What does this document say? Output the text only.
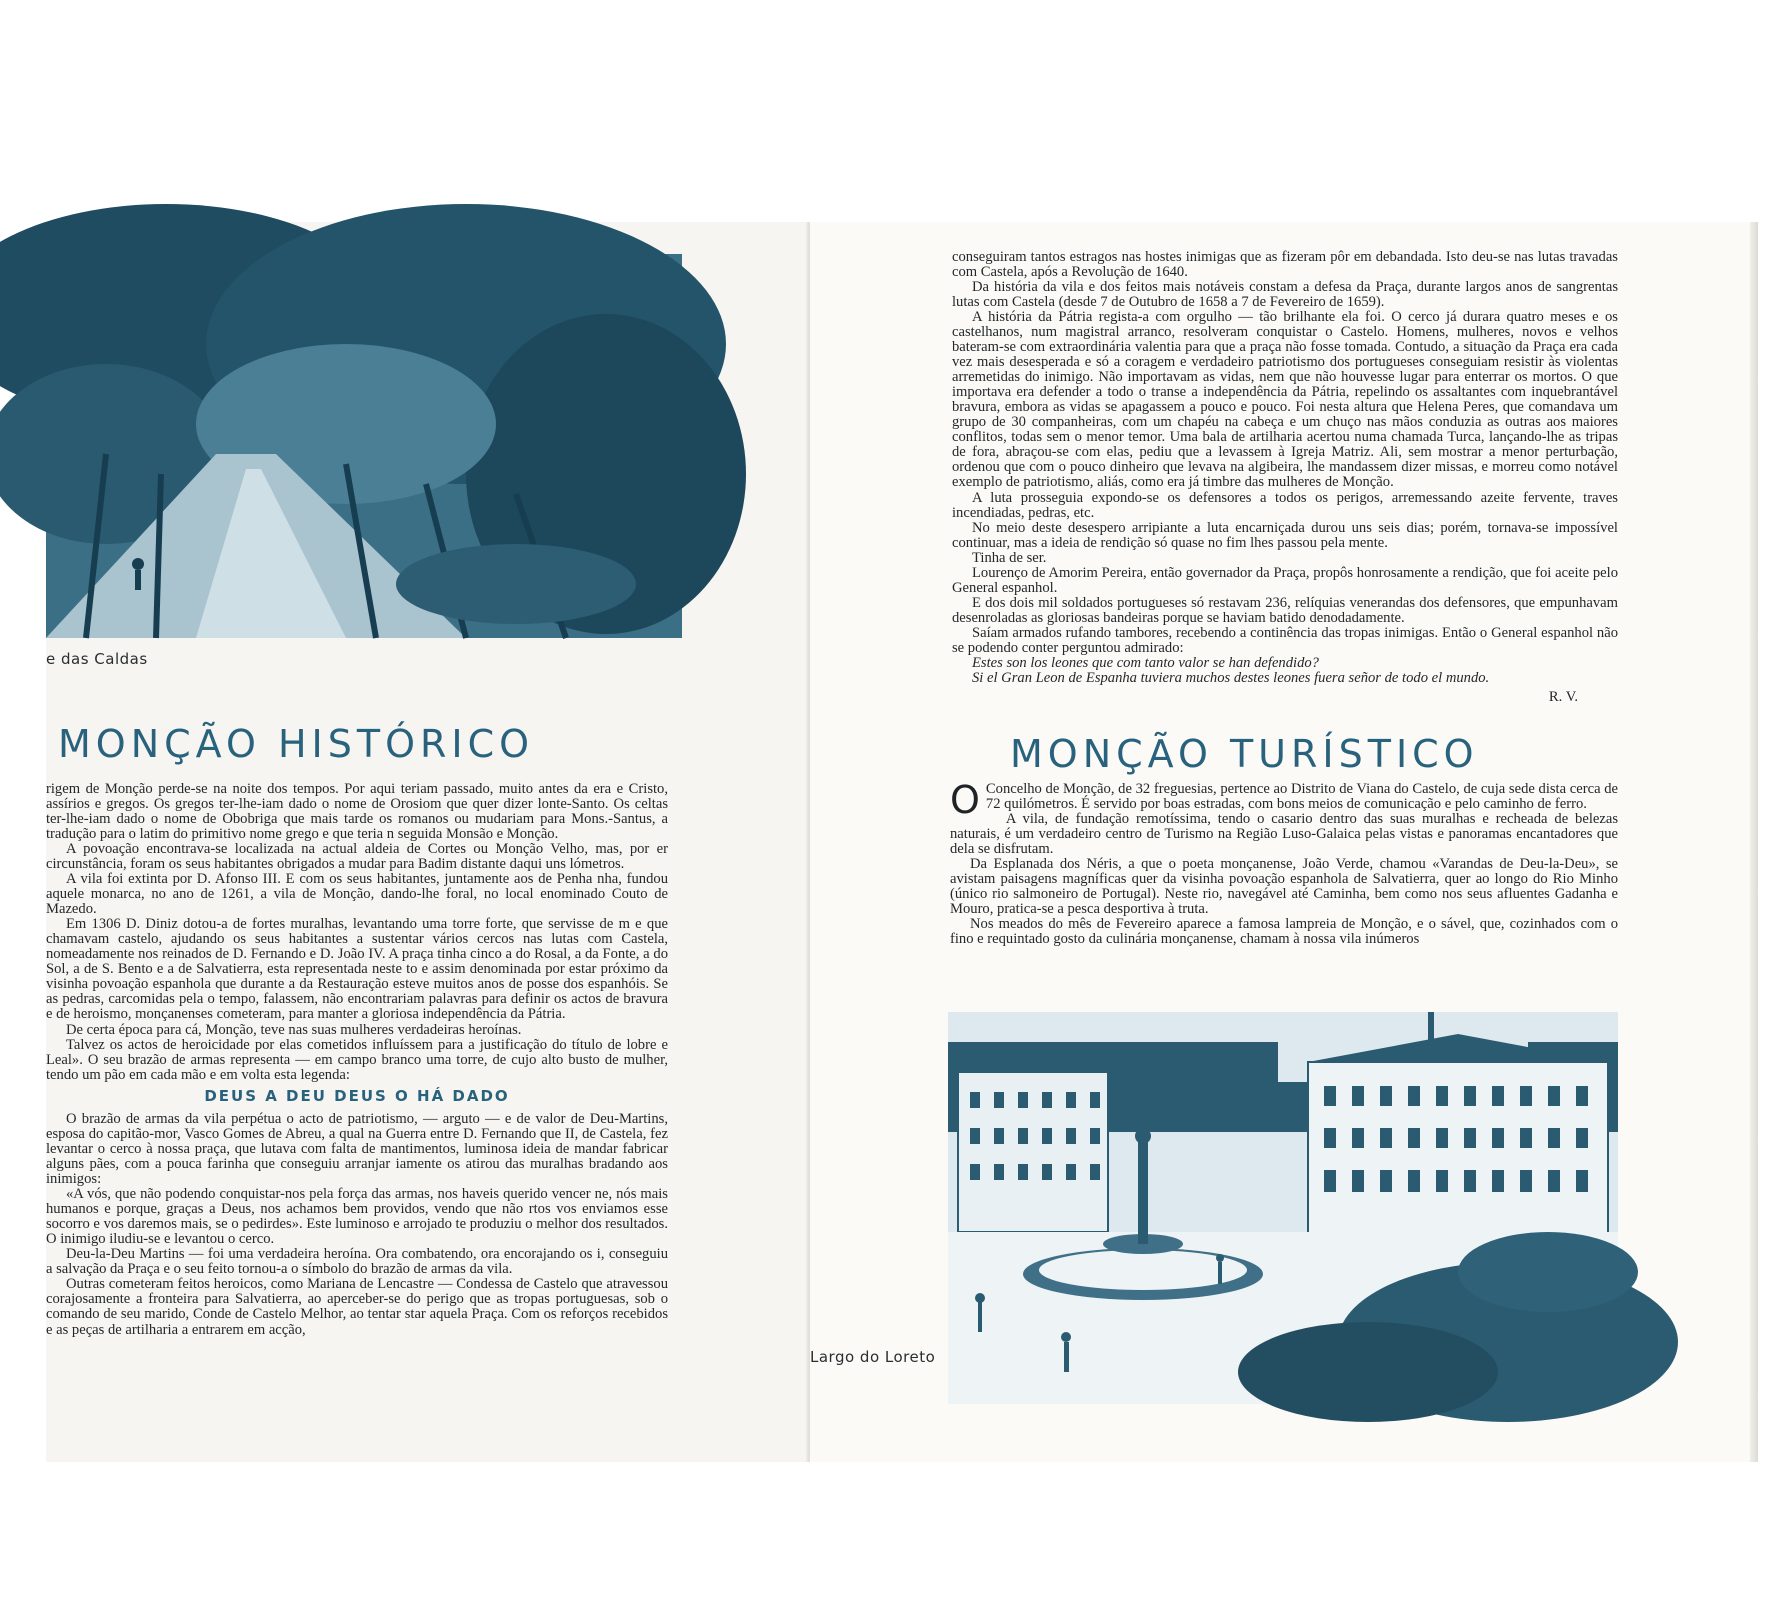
e das Caldas
MONÇÃO HISTÓRICO

rigem de Monção perde-se na noite dos tempos. Por aqui teriam passado, muito antes da era e Cristo, assírios e gregos. Os gregos ter-lhe-iam dado o nome de Orosiom que quer dizer lonte-Santo. Os celtas ter-lhe-iam dado o nome de Obobriga que mais tarde os romanos ou mudariam para Mons.-Santus, a tradução para o latim do primitivo nome grego e que teria n seguida Monsão e Monção.

A povoação encontrava-se localizada na actual aldeia de Cortes ou Monção Velho, mas, por er circunstância, foram os seus habitantes obrigados a mudar para Badim distante daqui uns lómetros.

A vila foi extinta por D. Afonso III. E com os seus habitantes, juntamente aos de Penha nha, fundou aquele monarca, no ano de 1261, a vila de Monção, dando-lhe foral, no local enominado Couto de Mazedo.

Em 1306 D. Diniz dotou-a de fortes muralhas, levantando uma torre forte, que servisse de m e que chamavam castelo, ajudando os seus habitantes a sustentar vários cercos nas lutas com Castela, nomeadamente nos reinados de D. Fernando e D. João IV. A praça tinha cinco a do Rosal, a da Fonte, a do Sol, a de S. Bento e a de Salvatierra, esta representada neste to e assim denominada por estar próximo da visinha povoação espanhola que durante a da Restauração esteve muitos anos de posse dos espanhóis. Se as pedras, carcomidas pela o tempo, falassem, não encontrariam palavras para definir os actos de bravura e de heroismo, monçanenses cometeram, para manter a gloriosa independência da Pátria.

De certa época para cá, Monção, teve nas suas mulheres verdadeiras heroínas.

Talvez os actos de heroicidade por elas cometidos influíssem para a justificação do título de lobre e Leal». O seu brazão de armas representa — em campo branco uma torre, de cujo alto busto de mulher, tendo um pão em cada mão e em volta esta legenda:

DEUS A DEU DEUS O HÁ DADO

O brazão de armas da vila perpétua o acto de patriotismo, — arguto — e de valor de Deu-Martins, esposa do capitão-mor, Vasco Gomes de Abreu, a qual na Guerra entre D. Fernando que II, de Castela, fez levantar o cerco à nossa praça, que lutava com falta de mantimentos, luminosa ideia de mandar fabricar alguns pães, com a pouca farinha que conseguiu arranjar iamente os atirou das muralhas bradando aos inimigos:

«A vós, que não podendo conquistar-nos pela força das armas, nos haveis querido vencer ne, nós mais humanos e porque, graças a Deus, nos achamos bem providos, vendo que não rtos vos enviamos esse socorro e vos daremos mais, se o pedirdes». Este luminoso e arrojado te produziu o melhor dos resultados. O inimigo iludiu-se e levantou o cerco.

Deu-la-Deu Martins — foi uma verdadeira heroína. Ora combatendo, ora encorajando os i, conseguiu a salvação da Praça e o seu feito tornou-a o símbolo do brazão de armas da vila.

Outras cometeram feitos heroicos, como Mariana de Lencastre — Condessa de Castelo que atravessou corajosamente a fronteira para Salvatierra, ao aperceber-se do perigo que as tropas portuguesas, sob o comando de seu marido, Conde de Castelo Melhor, ao tentar star aquela Praça. Com os reforços recebidos e as peças de artilharia a entrarem em acção,

conseguiram tantos estragos nas hostes inimigas que as fizeram pôr em debandada. Isto deu-se nas lutas travadas com Castela, após a Revolução de 1640.

Da história da vila e dos feitos mais notáveis constam a defesa da Praça, durante largos anos de sangrentas lutas com Castela (desde 7 de Outubro de 1658 a 7 de Fevereiro de 1659).

A história da Pátria regista-a com orgulho — tão brilhante ela foi. O cerco já durara quatro meses e os castelhanos, num magistral arranco, resolveram conquistar o Castelo. Homens, mulheres, novos e velhos bateram-se com extraordinária valentia para que a praça não fosse tomada. Contudo, a situação da Praça era cada vez mais desesperada e só a coragem e verdadeiro patriotismo dos portugueses conseguiam resistir às violentas arremetidas do inimigo. Não importavam as vidas, nem que não houvesse lugar para enterrar os mortos. O que importava era defender a todo o transe a independência da Pátria, repelindo os assaltantes com inquebrantável bravura, embora as vidas se apagassem a pouco e pouco. Foi nesta altura que Helena Peres, que comandava um grupo de 30 companheiras, com um chapéu na cabeça e um chuço nas mãos conduzia as outras aos maiores conflitos, todas sem o menor temor. Uma bala de artilharia acertou numa chamada Turca, lançando-lhe as tripas de fora, abraçou-se com elas, pediu que a levassem à Igreja Matriz. Ali, sem mostrar a menor perturbação, ordenou que com o pouco dinheiro que levava na algibeira, lhe mandassem dizer missas, e morreu como notável exemplo de patriotismo, aliás, como era já timbre das mulheres de Monção.

A luta prosseguia expondo-se os defensores a todos os perigos, arremessando azeite fervente, traves incendiadas, pedras, etc.

No meio deste desespero arripiante a luta encarniçada durou uns seis dias; porém, tornava-se impossível continuar, mas a ideia de rendição só quase no fim lhes passou pela mente.

Tinha de ser.

Lourenço de Amorim Pereira, então governador da Praça, propôs honrosamente a rendição, que foi aceite pelo General espanhol.

E dos dois mil soldados portugueses só restavam 236, relíquias venerandas dos defensores, que empunhavam desenroladas as gloriosas bandeiras porque se haviam batido denodadamente.

Saíam armados rufando tambores, recebendo a continência das tropas inimigas. Então o General espanhol não se podendo conter perguntou admirado:

Estes son los leones que com tanto valor se han defendido?

Si el Gran Leon de Espanha tuviera muchos destes leones fuera señor de todo el mundo.

R. V.

MONÇÃO TURÍSTICO

O Concelho de Monção, de 32 freguesias, pertence ao Distrito de Viana do Castelo, de cuja sede dista cerca de 72 quilómetros. É servido por boas estradas, com bons meios de comunicação e pelo caminho de ferro.

A vila, de fundação remotíssima, tendo o casario dentro das suas muralhas e recheada de belezas naturais, é um verdadeiro centro de Turismo na Região Luso-Galaica pelas vistas e panoramas encantadores que dela se disfrutam.

Da Esplanada dos Néris, a que o poeta monçanense, João Verde, chamou «Varandas de Deu-la-Deu», se avistam paisagens magníficas quer da visinha povoação espanhola de Salvatierra, quer ao longo do Rio Minho (único rio salmoneiro de Portugal). Neste rio, navegável até Caminha, bem como nos seus afluentes Gadanha e Mouro, pratica-se a pesca desportiva à truta.

Nos meados do mês de Fevereiro aparece a famosa lampreia de Monção, e o sável, que, cozinhados com o fino e requintado gosto da culinária monçanense, chamam à nossa vila inúmeros

Largo do Loreto
